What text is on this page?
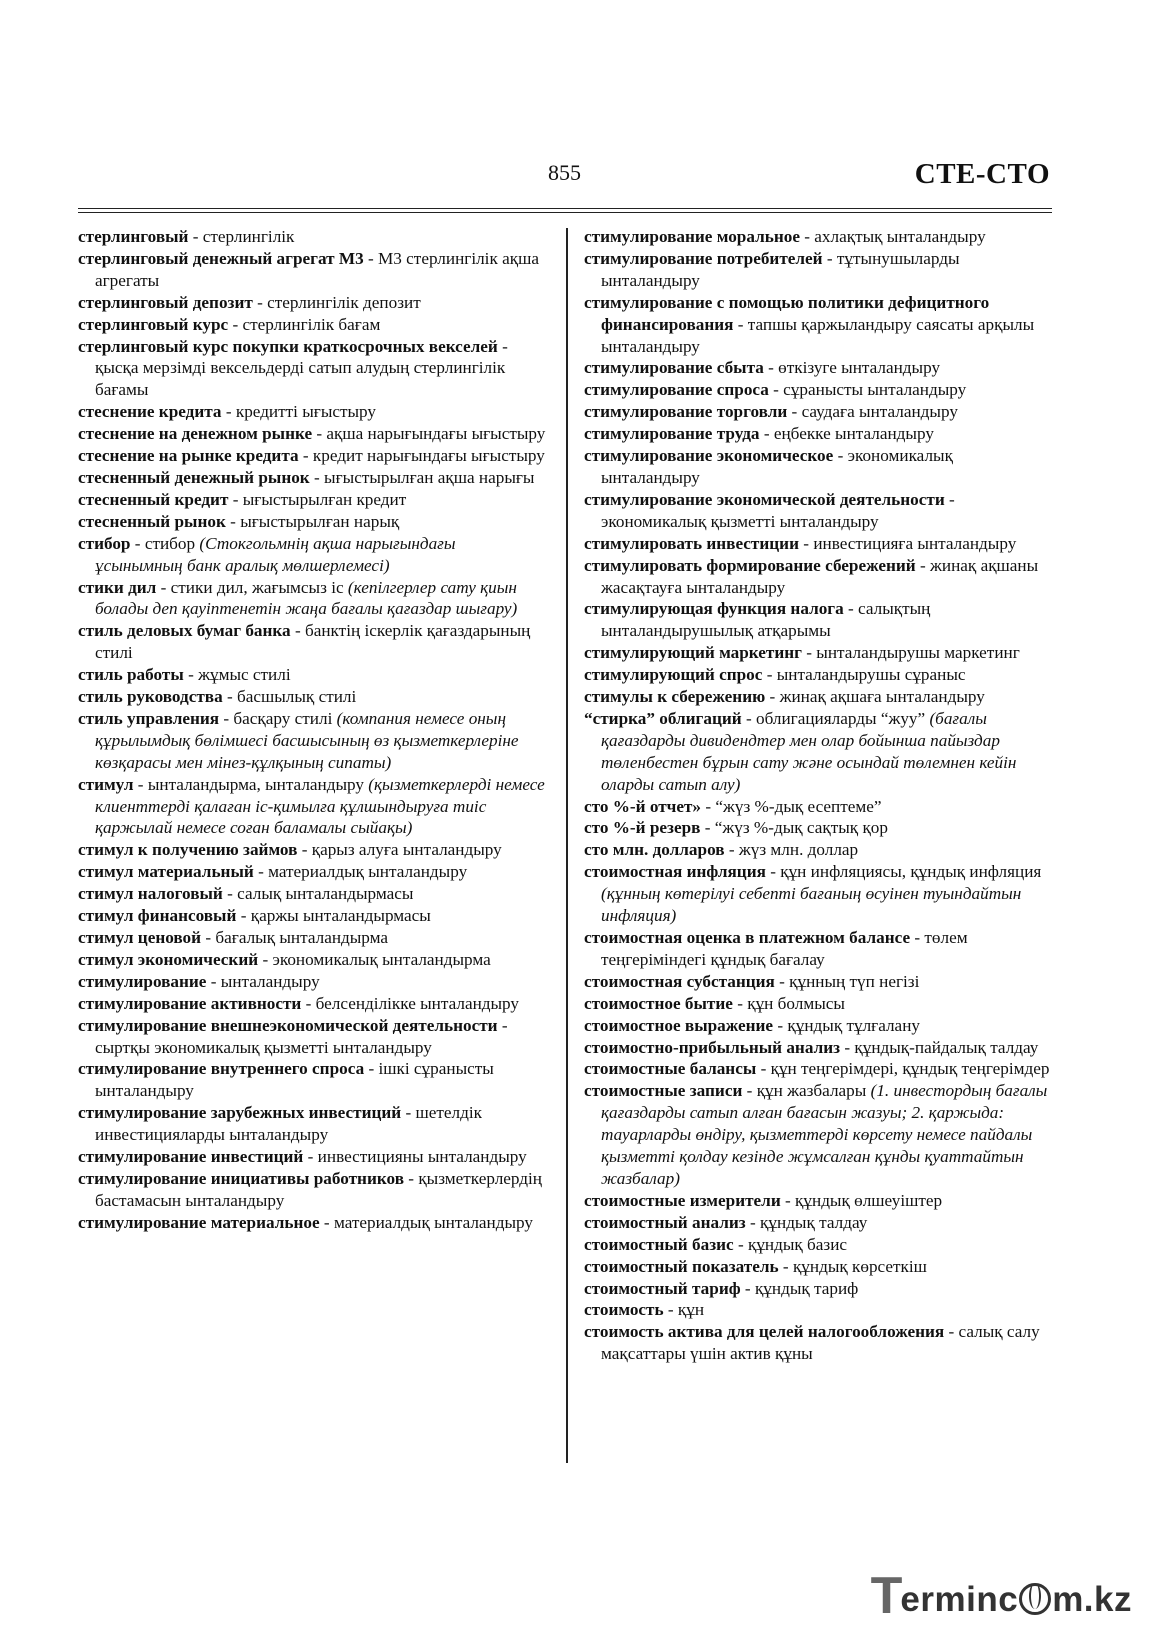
855	СТЕ-СТО

стерлинговый - стерлингілік

стерлинговый денежный агрегат М3 - М3 стерлингілік ақша агрегаты

стерлинговый депозит - стерлингілік депозит

стерлинговый курс - стерлингілік бағам

стерлинговый курс покупки краткосрочных векселей - қысқа мерзімді вексельдерді сатып алудың стерлингілік бағамы

стеснение кредита - кредитті ығыстыру

стеснение на денежном рынке - ақша нарығындағы ығыстыру

стеснение на рынке кредита - кредит нарығындағы ығыстыру

стесненный денежный рынок - ығыстырылған ақша нарығы

стесненный кредит - ығыстырылған кредит

стесненный рынок - ығыстырылған нарық

стибор - стибор (Стокгольмнің ақша нарығындағы ұсынымның банк аралық мөлшерлемесі)

стики дил - стики дил, жағымсыз іс (кепілгерлер сату қиын болады деп қауіптенетін жаңа бағалы қағаздар шығару)

стиль деловых бумаг банка - банктің іскерлік қағаздарының стилі

стиль работы - жұмыс стилі

стиль руководства - басшылық стилі

стиль управления - басқару стилі (компания немесе оның құрылымдық бөлімшесі басшысының өз қызметкерлеріне көзқарасы мен мінез-құлқының сипаты)

стимул - ынталандырма, ынталандыру (қызметкерлерді немесе клиенттерді қалаған іс-қимылға құлшындыруға тиіс қаржылай немесе соған баламалы сыйақы)

стимул к получению займов - қарыз алуға ынталандыру

стимул материальный - материалдық ынталандыру

стимул налоговый - салық ынталандырмасы

стимул финансовый - қаржы ынталандырмасы

стимул ценовой - бағалық ынталандырма

стимул экономический - экономикалық ынталандырма

стимулирование - ынталандыру

стимулирование активности - белсенділікке ынталандыру

стимулирование внешнеэкономической деятельности - сыртқы экономикалық қызметті ынталандыру

стимулирование внутреннего спроса - ішкі сұранысты ынталандыру

стимулирование зарубежных инвестиций - шетелдік инвестицияларды ынталандыру

стимулирование инвестиций - инвестицияны ынталандыру

стимулирование инициативы работников - қызметкерлердің бастамасын ынталандыру

стимулирование материальное - материалдық ынталандыру

стимулирование моральное - ахлақтық ынталандыру

стимулирование потребителей - тұтынушыларды ынталандыру

стимулирование с помощью политики дефицитного финансирования - тапшы қаржыландыру саясаты арқылы ынталандыру

стимулирование сбыта - өткізуге ынталандыру

стимулирование спроса - сұранысты ынталандыру

стимулирование торговли - саудаға ынталандыру

стимулирование труда - еңбекке ынталандыру

стимулирование экономическое - экономикалық ынталандыру

стимулирование экономической деятельности - экономикалық қызметті ынталандыру

стимулировать инвестиции - инвестицияға ынталандыру

стимулировать формирование сбережений - жинақ ақшаны жасақтауға ынталандыру

стимулирующая функция налога - салықтың ынталандырушылық атқарымы

стимулирующий маркетинг - ынталандырушы маркетинг

стимулирующий спрос - ынталандырушы сұраныс

стимулы к сбережению - жинақ ақшаға ынталандыру

“стирка” облигаций - облигацияларды “жуу” (бағалы қағаздарды дивидендтер мен олар бойынша пайыздар төленбестен бұрын сату және осындай төлемнен кейін оларды сатып алу)

сто %-й отчет» - “жүз %-дық есептеме”

сто %-й резерв - “жүз %-дық сақтық қор

сто млн. долларов - жүз млн. доллар

стоимостная инфляция - құн инфляциясы, құндық инфляция (құнның көтерілуі себепті бағаның өсуінен туындайтын инфляция)

стоимостная оценка в платежном балансе - төлем теңгеріміндегі құндық бағалау

стоимостная субстанция - құнның түп негізі

стоимостное бытие - құн болмысы

стоимостное выражение - құндық тұлғалану

стоимостно-прибыльный анализ - құндық-пайдалық талдау

стоимостные балансы - құн теңгерімдері, құндық теңгерімдер

стоимостные записи - құн жазбалары (1. инвестордың бағалы қағаздарды сатып алған бағасын жазуы; 2. қаржыда: тауарларды өндіру, қызметтерді көрсету немесе пайдалы қызметті қолдау кезінде жұмсалған құнды қуаттайтын жазбалар)

стоимостные измерители - құндық өлшеуіштер

стоимостный анализ - құндық талдау

стоимостный базис - құндық базис

стоимостный показатель - құндық көрсеткіш

стоимостный тариф - құндық тариф

стоимость - құн

стоимость актива для целей налогообложения - салық салу мақсаттары үшін актив құны

T
erminc m.kz
